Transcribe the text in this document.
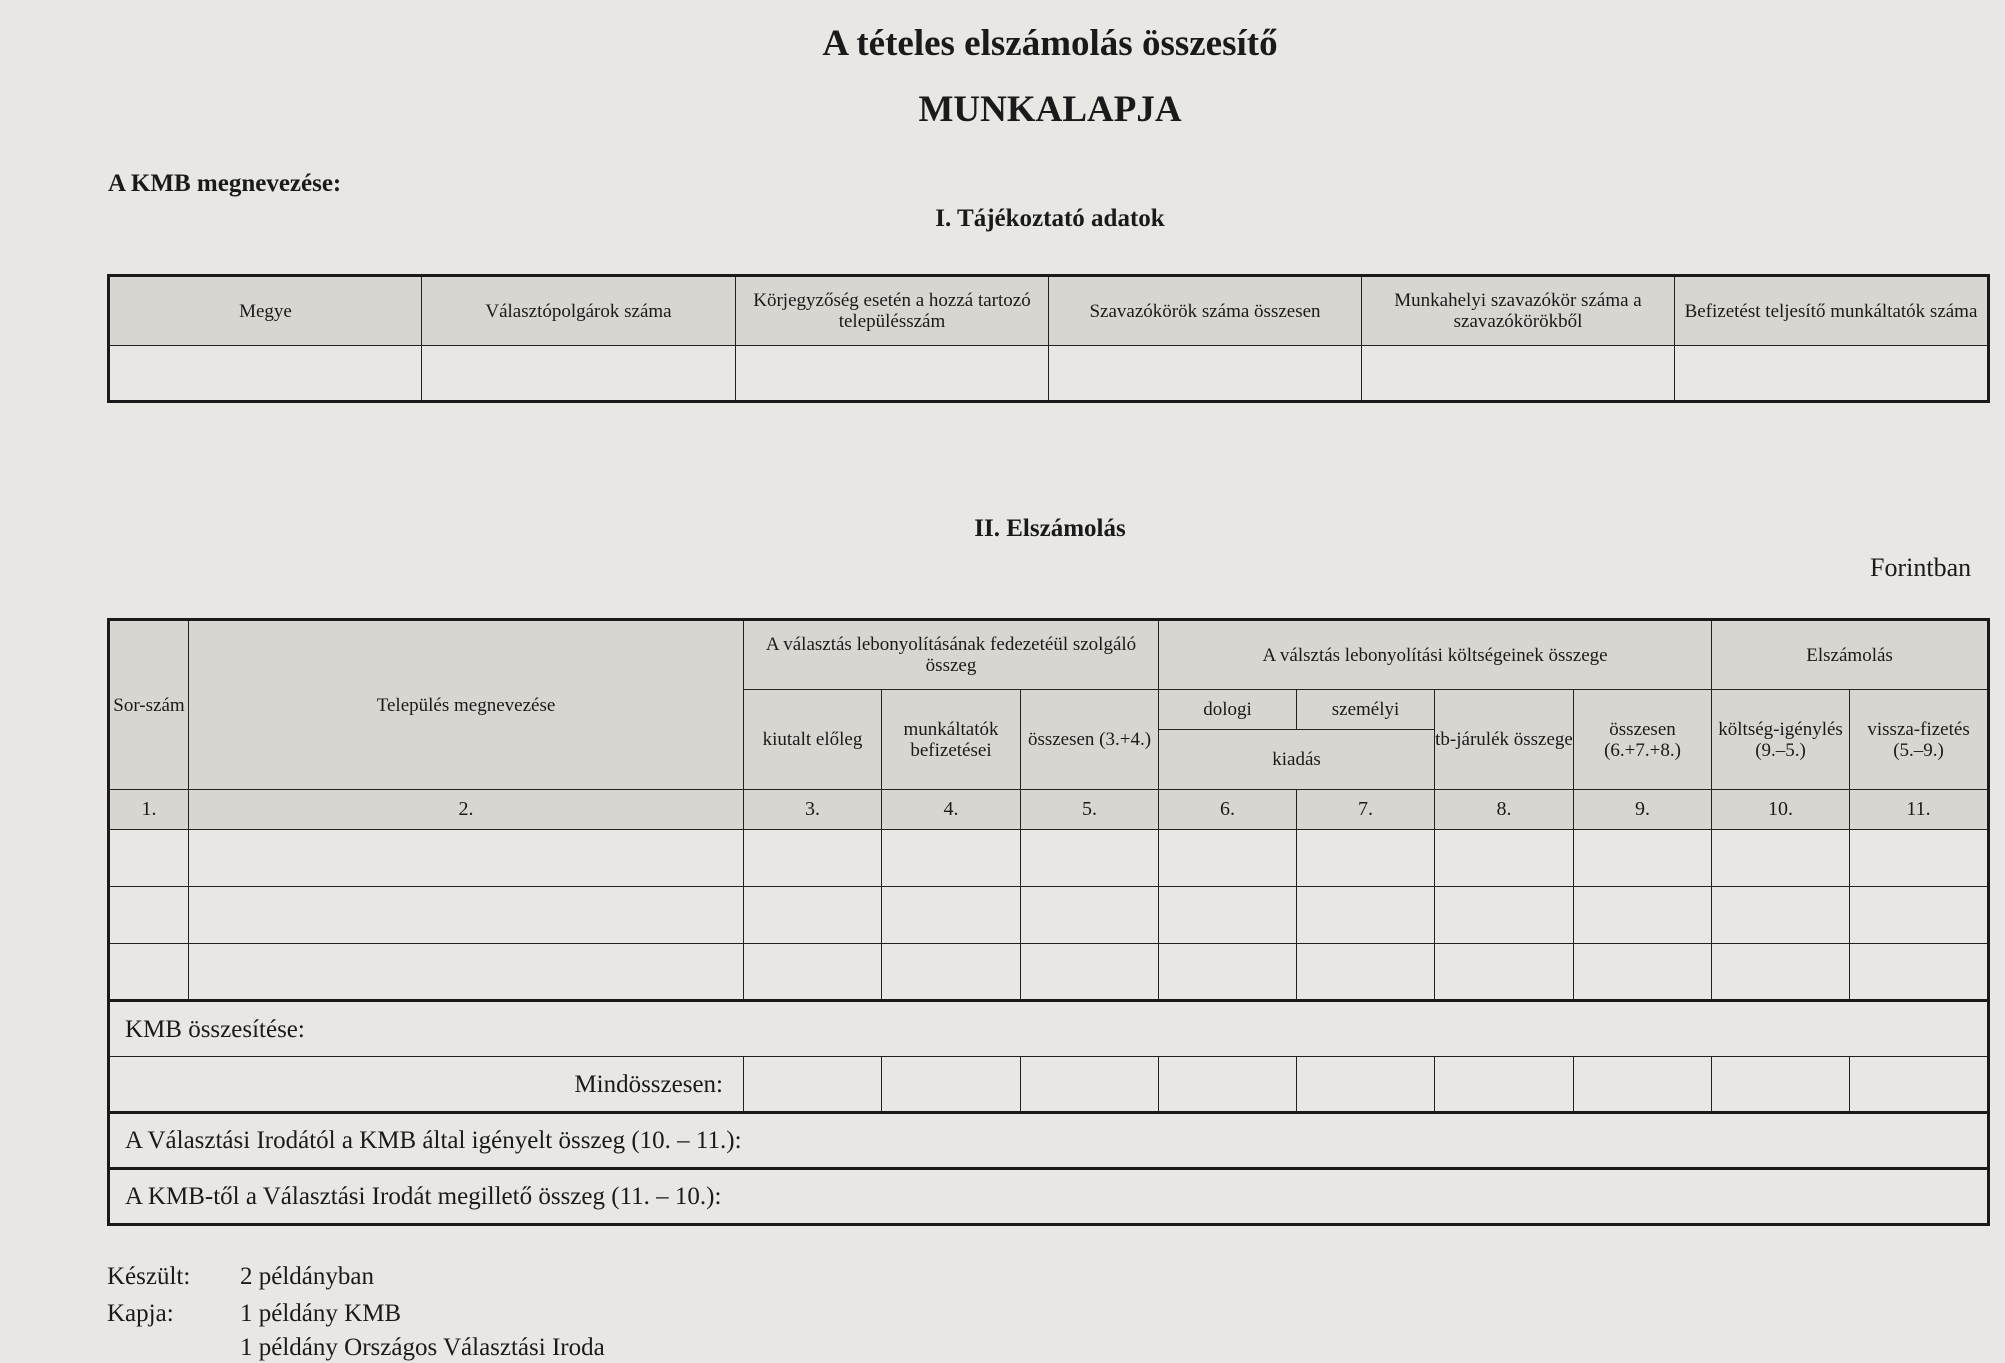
A tételes elszámolás összesítő
MUNKALAPJA
A KMB megnevezése:
I. Tájékoztató adatok
Megye	Választópolgárok száma	Körjegyzőség esetén a hozzá tartozó településszám	Szavazókörök száma összesen	Munkahelyi szavazókör száma a szavazókörökből	Befizetést teljesítő munkáltatók száma

II. Elszámolás
Forintban
Sor-szám	Település megnevezése	A választás lebonyolításának fedezetéül szolgáló összeg			A válsztás lebonyolítási költségeinek összege				Elszámolás	
		kiutalt előleg	munkáltatók befizetései	összesen (3.+4.)	dologi	személyi	tb-járulék összege	összesen (6.+7.+8.)	költség-igénylés (9.–5.)	vissza-fizetés (5.–9.)
					kiadás					
1.	2.	3.	4.	5.	6.	7.	8.	9.	10.	11.

KMB összesítése:										
Mindösszesen:										
A Választási Irodától a KMB által igényelt összeg (10. – 11.):										
A KMB-től a Választási Irodát megillető összeg (11. – 10.):										
Készült: 2 példányban
Kapja:	1 példány KMB
1 példány Országos Választási Iroda
